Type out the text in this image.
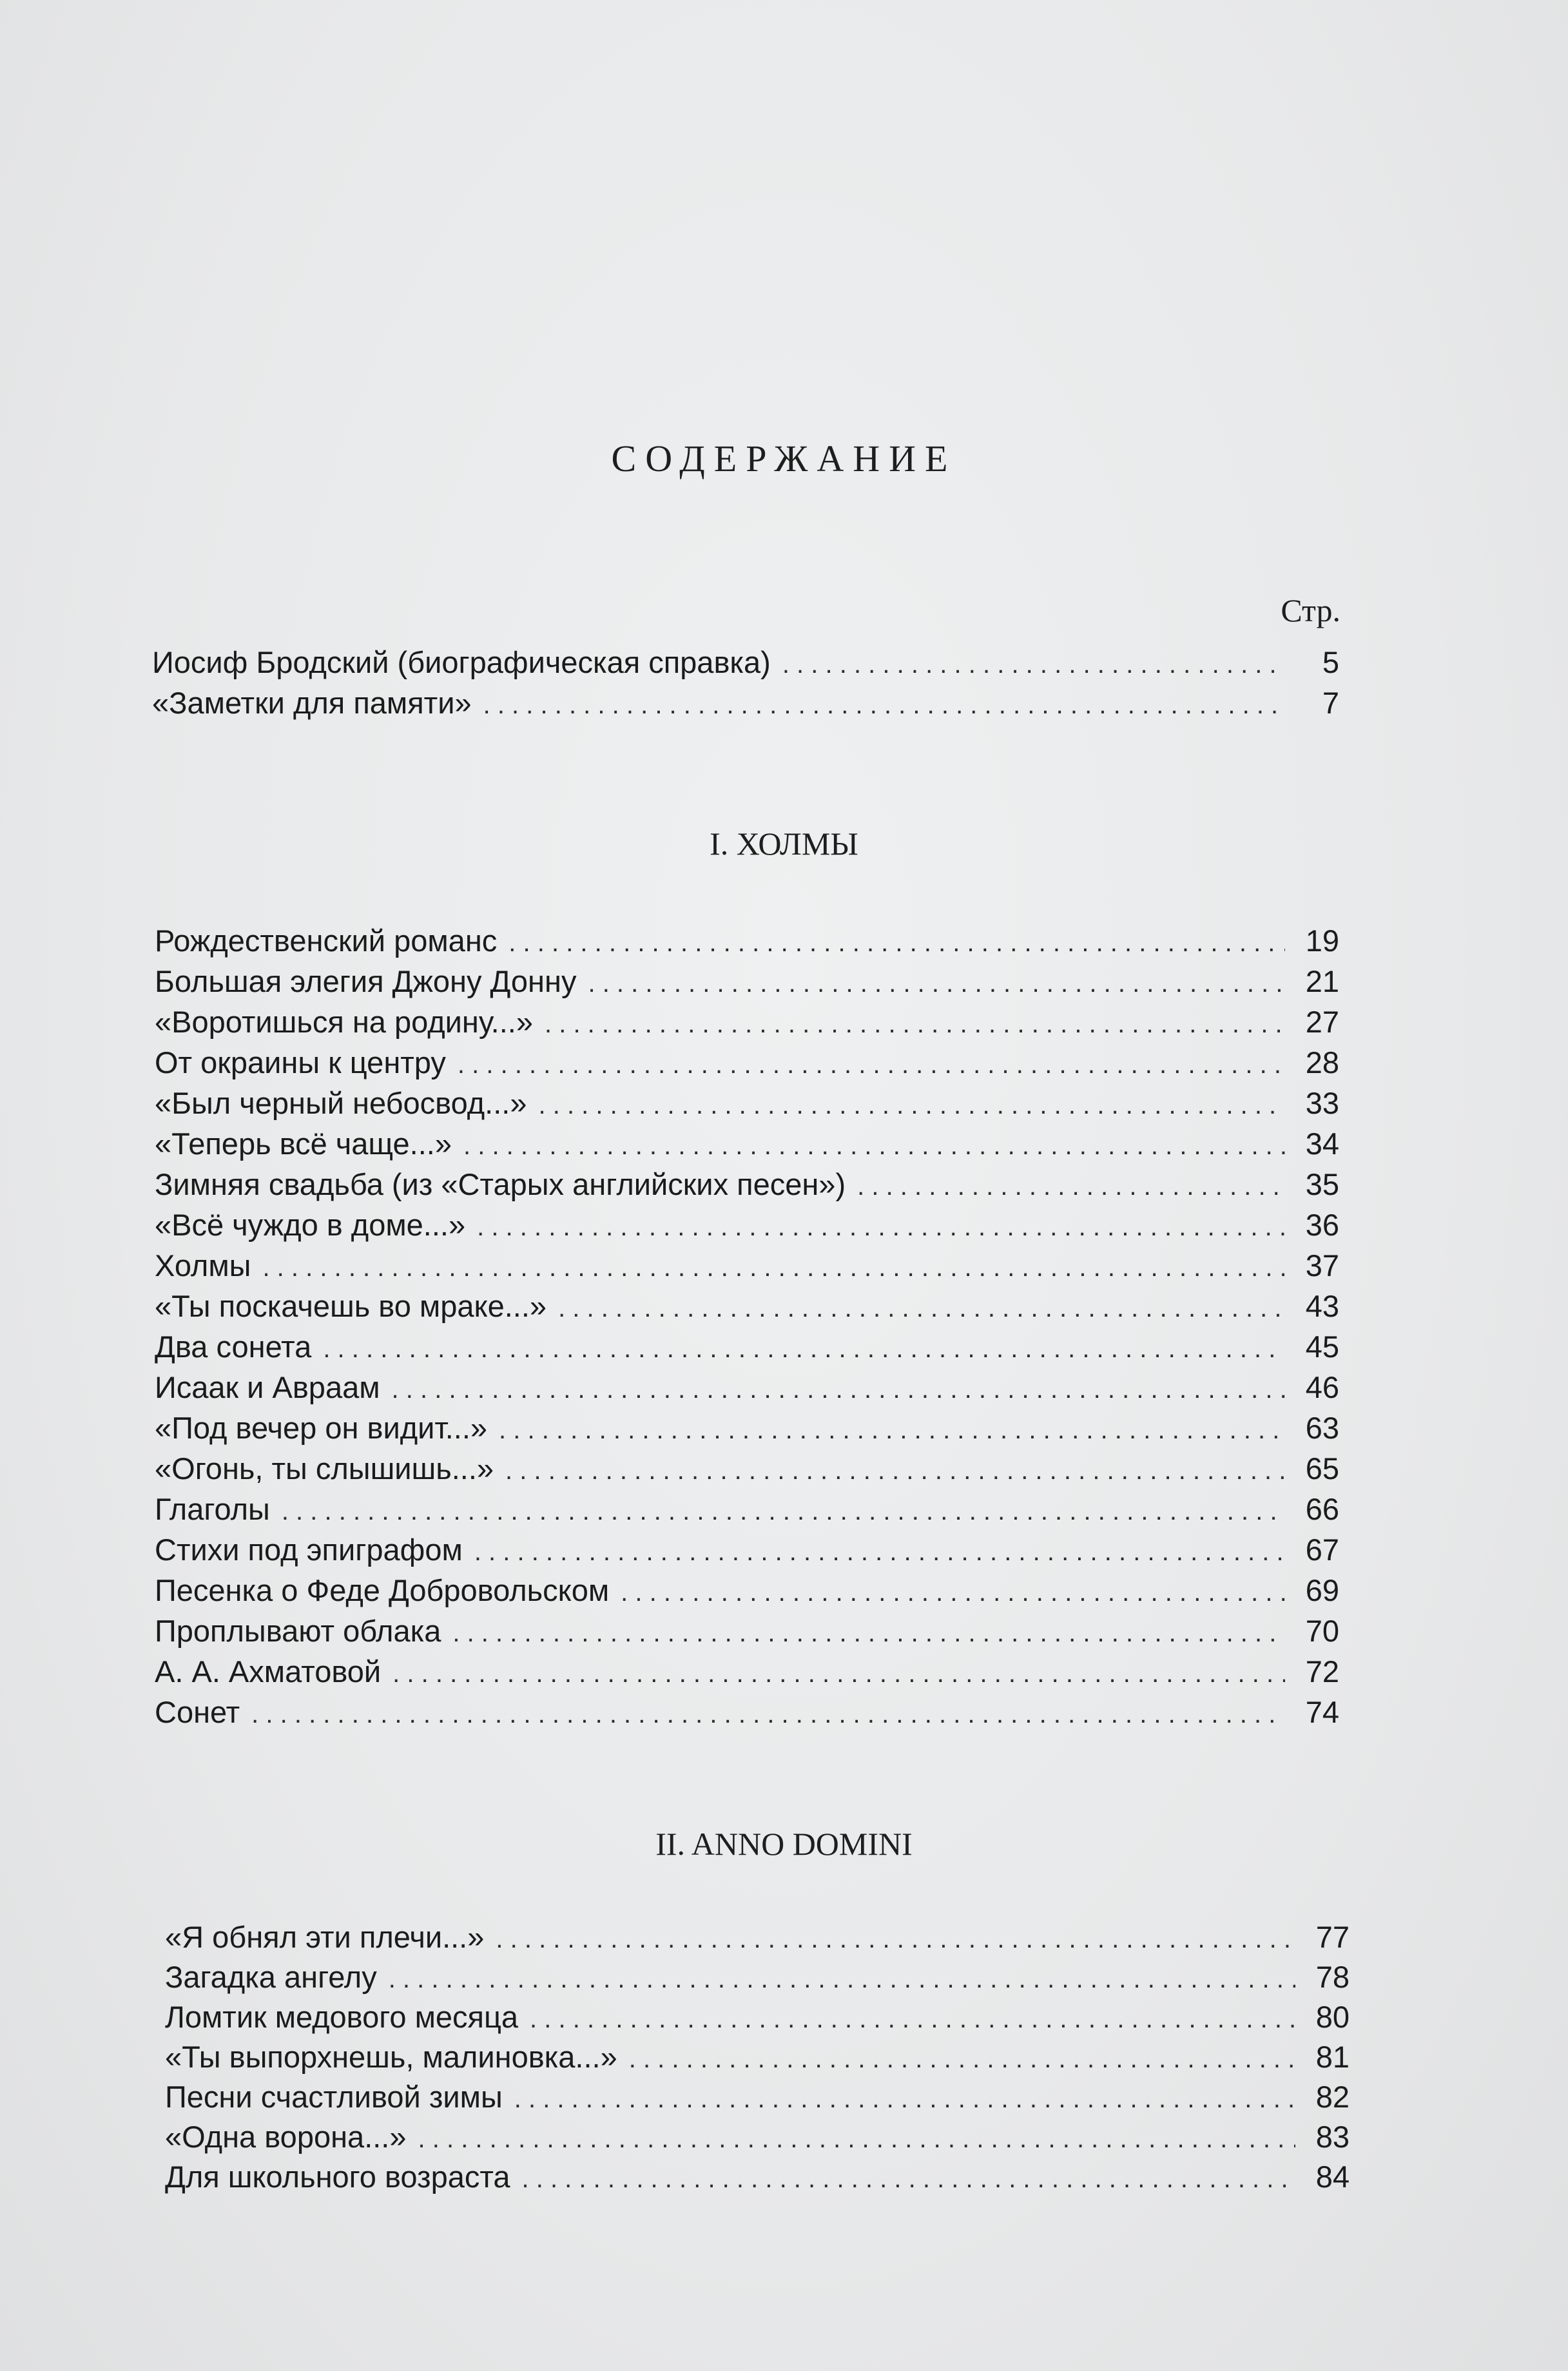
СОДЕРЖАНИЕ

Стр.

Иосиф Бродский (биографическая справка) . . .	5
«Заметки для памяти» . . .	7
I. ХОЛМЫ
Рождественский романс . . .	19
Большая элегия Джону Донну . . .	21
«Воротишься на родину...» . . .	27
От окраины к центру . . .	28
«Был черный небосвод...» . . .	33
«Теперь всё чаще...» . . .	34
Зимняя свадьба (из «Старых английских песен») . . .	35
«Всё чуждо в доме...» . . .	36
Холмы . . .	37
«Ты поскачешь во мраке...» . . .	43
Два сонета . . .	45
Исаак и Авраам . . .	46
«Под вечер он видит...» . . .	63
«Огонь, ты слышишь...» . . .	65
Глаголы . . .	66
Стихи под эпиграфом . . .	67
Песенка о Феде Добровольском . . .	69
Проплывают облака . . .	70
А. А. Ахматовой . . .	72
Сонет . . .	74
II. ANNO DOMINI
«Я обнял эти плечи...» . . .	77
Загадка ангелу . . .	78
Ломтик медового месяца . . .	80
«Ты выпорхнешь, малиновка...» . . .	81
Песни счастливой зимы . . .	82
«Одна ворона...» . . .	83
Для школьного возраста . . .	84
